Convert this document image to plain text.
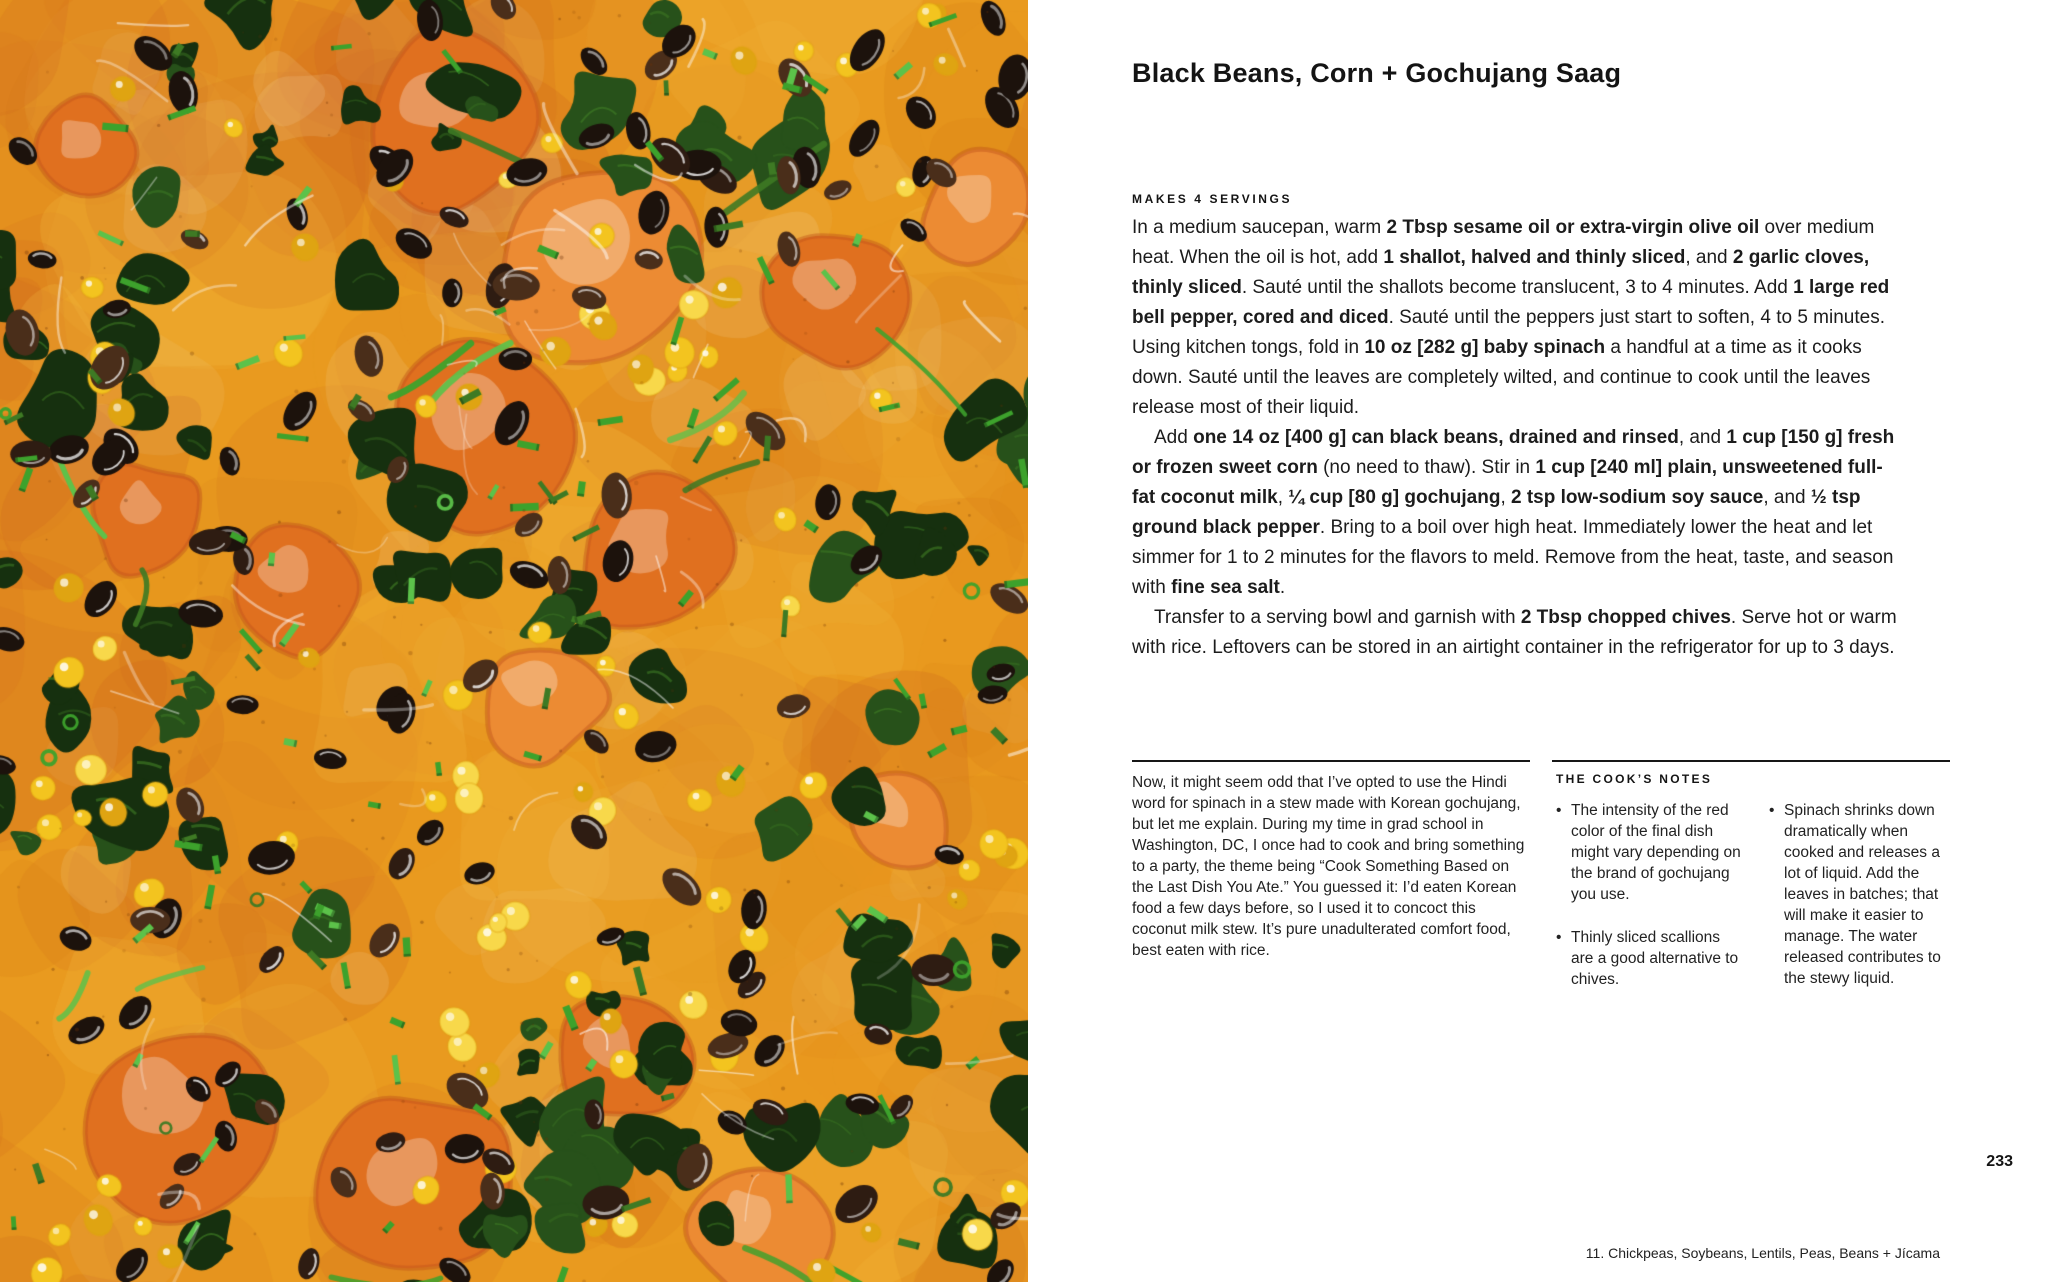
Black Beans, Corn + Gochujang Saag
MAKES 4 SERVINGS

In a medium saucepan, warm 2 Tbsp sesame oil or extra-virgin olive oil over medium heat. When the oil is hot, add 1 shallot, halved and thinly sliced, and 2 garlic cloves, thinly sliced. Sauté until the shallots become translucent, 3 to 4 minutes. Add 1 large red bell pepper, cored and diced. Sauté until the peppers just start to soften, 4 to 5 minutes. Using kitchen tongs, fold in 10 oz [282 g] baby spinach a handful at a time as it cooks down. Sauté until the leaves are completely wilted, and continue to cook until the leaves release most of their liquid.

Add one 14 oz [400 g] can black beans, drained and rinsed, and 1 cup [150 g] fresh or frozen sweet corn (no need to thaw). Stir in 1 cup [240 ml] plain, unsweetened full-fat coconut milk, ¼ cup [80 g] gochujang, 2 tsp low-sodium soy sauce, and ½ tsp ground black pepper. Bring to a boil over high heat. Immediately lower the heat and let simmer for 1 to 2 minutes for the flavors to meld. Remove from the heat, taste, and season with fine sea salt.

Transfer to a serving bowl and garnish with 2 Tbsp chopped chives. Serve hot or warm with rice. Leftovers can be stored in an airtight container in the refrigerator for up to 3 days.

Now, it might seem odd that I’ve opted to use the Hindi word for spinach in a stew made with Korean gochujang, but let me explain. During my time in grad school in Washington, DC, I once had to cook and bring something to a party, the theme being “Cook Something Based on the Last Dish You Ate.” You guessed it: I’d eaten Korean food a few days before, so I used it to concoct this coconut milk stew. It’s pure unadulterated comfort food, best eaten with rice.
THE COOK’S NOTES
• The intensity of the red color of the final dish might vary depending on the brand of gochujang you use.
• Thinly sliced scallions are a good alternative to chives.
• Spinach shrinks down dramatically when cooked and releases a lot of liquid. Add the leaves in batches; that will make it easier to manage. The water released contributes to the stewy liquid.
233
11. Chickpeas, Soybeans, Lentils, Peas, Beans + Jícama
